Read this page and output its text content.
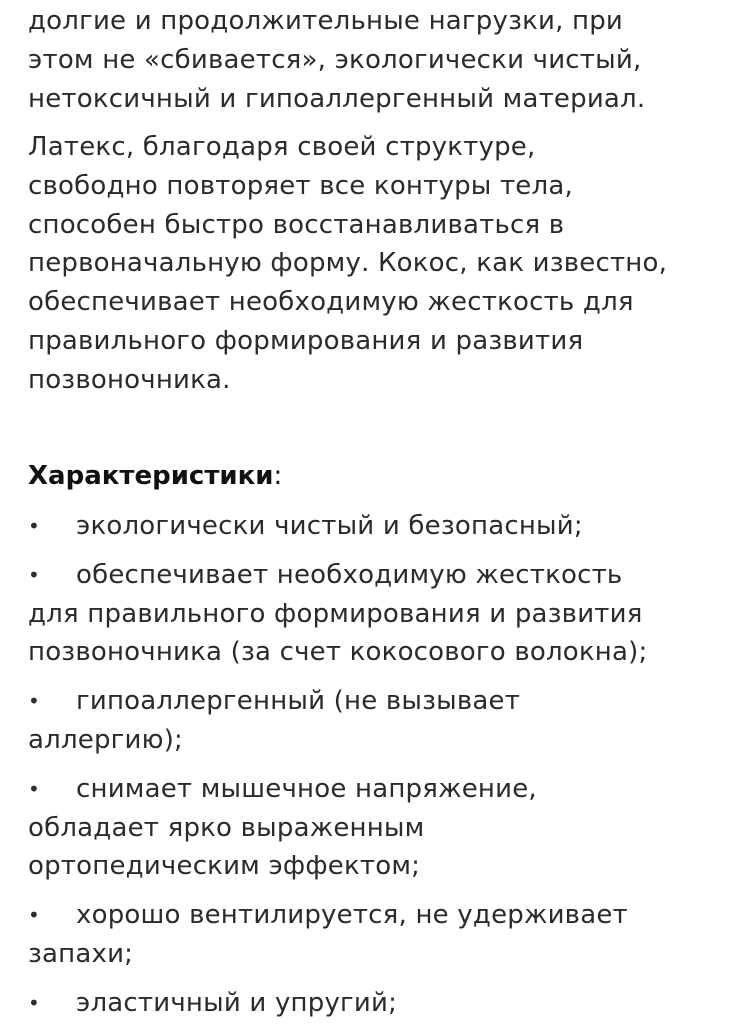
долгие и продолжительные нагрузки, при
этом не «сбивается», экологически чистый,
нетоксичный и гипоаллергенный материал.

Латекс, благодаря своей структуре,
свободно повторяет все контуры тела,
способен быстро восстанавливаться в
первоначальную форму. Кокос, как известно,
обеспечивает необходимую жесткость для
правильного формирования и развития
позвоночника.

Характеристики:
• экологически чистый и безопасный;
• обеспечивает необходимую жесткость
для правильного формирования и развития
позвоночника (за счет кокосового волокна);
• гипоаллергенный (не вызывает
аллергию);
• снимает мышечное напряжение,
обладает ярко выраженным
ортопедическим эффектом;
• хорошо вентилируется, не удерживает
запахи;
• эластичный и упругий;
